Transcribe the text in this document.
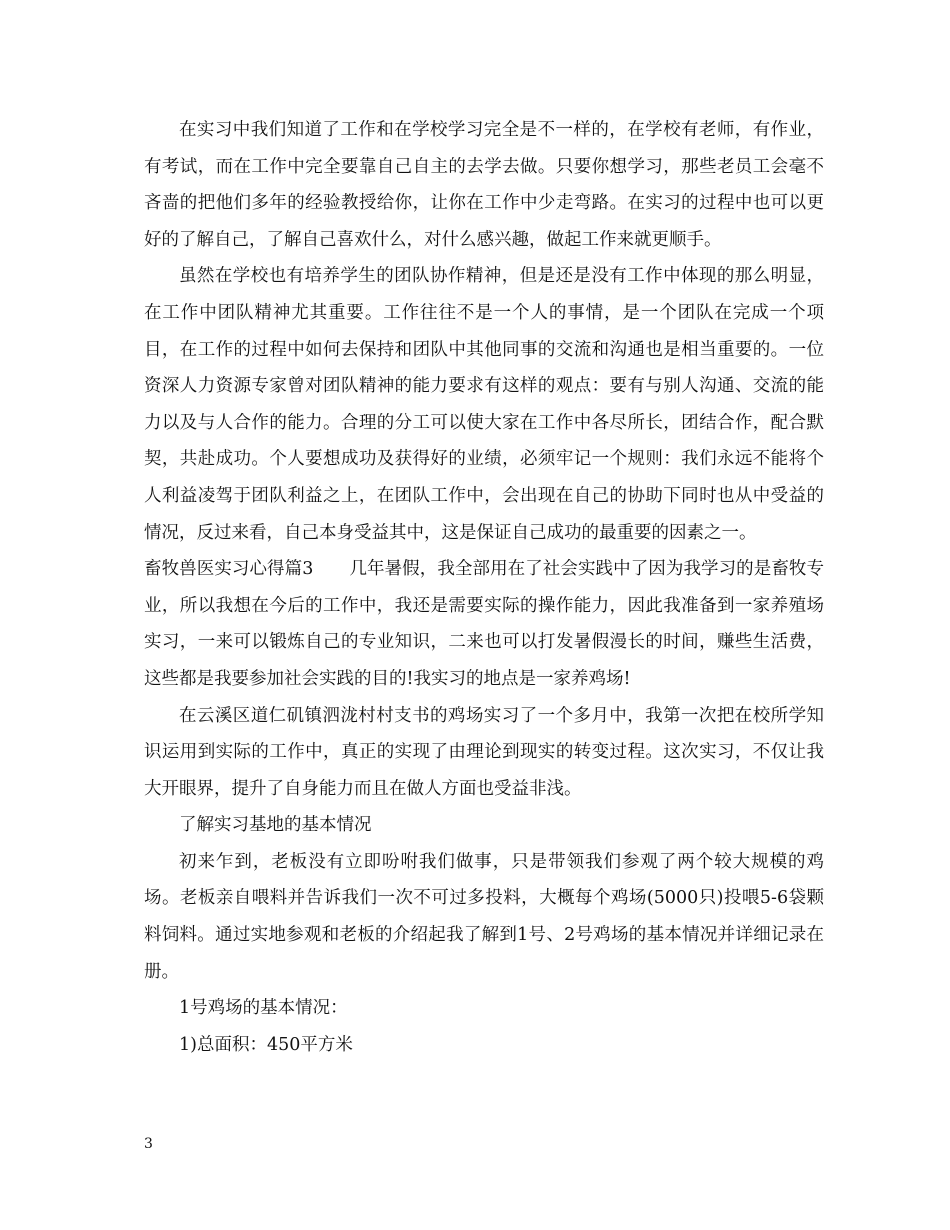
在实习中我们知道了工作和在学校学习完全是不一样的，在学校有老师，有作业，有考试，而在工作中完全要靠自己自主的去学去做。只要你想学习，那些老员工会毫不吝啬的把他们多年的经验教授给你，让你在工作中少走弯路。在实习的过程中也可以更好的了解自己，了解自己喜欢什么，对什么感兴趣，做起工作来就更顺手。

虽然在学校也有培养学生的团队协作精神，但是还是没有工作中体现的那么明显，在工作中团队精神尤其重要。工作往往不是一个人的事情，是一个团队在完成一个项目，在工作的过程中如何去保持和团队中其他同事的交流和沟通也是相当重要的。一位资深人力资源专家曾对团队精神的能力要求有这样的观点：要有与别人沟通、交流的能力以及与人合作的能力。合理的分工可以使大家在工作中各尽所长，团结合作，配合默契，共赴成功。个人要想成功及获得好的业绩，必须牢记一个规则：我们永远不能将个人利益凌驾于团队利益之上，在团队工作中，会出现在自己的协助下同时也从中受益的情况，反过来看，自己本身受益其中，这是保证自己成功的最重要的因素之一。

畜牧兽医实习心得篇3 几年暑假，我全部用在了社会实践中了因为我学习的是畜牧专业，所以我想在今后的工作中，我还是需要实际的操作能力，因此我准备到一家养殖场实习，一来可以锻炼自己的专业知识，二来也可以打发暑假漫长的时间，赚些生活费，这些都是我要参加社会实践的目的!我实习的地点是一家养鸡场!

在云溪区道仁矶镇泗泷村村支书的鸡场实习了一个多月中，我第一次把在校所学知识运用到实际的工作中，真正的实现了由理论到现实的转变过程。这次实习，不仅让我大开眼界，提升了自身能力而且在做人方面也受益非浅。

了解实习基地的基本情况

初来乍到，老板没有立即吩咐我们做事，只是带领我们参观了两个较大规模的鸡场。老板亲自喂料并告诉我们一次不可过多投料，大概每个鸡场(5000只)投喂5-6袋颗料饲料。通过实地参观和老板的介绍起我了解到1号、2号鸡场的基本情况并详细记录在册。

1号鸡场的基本情况：

1)总面积：450平方米

3
